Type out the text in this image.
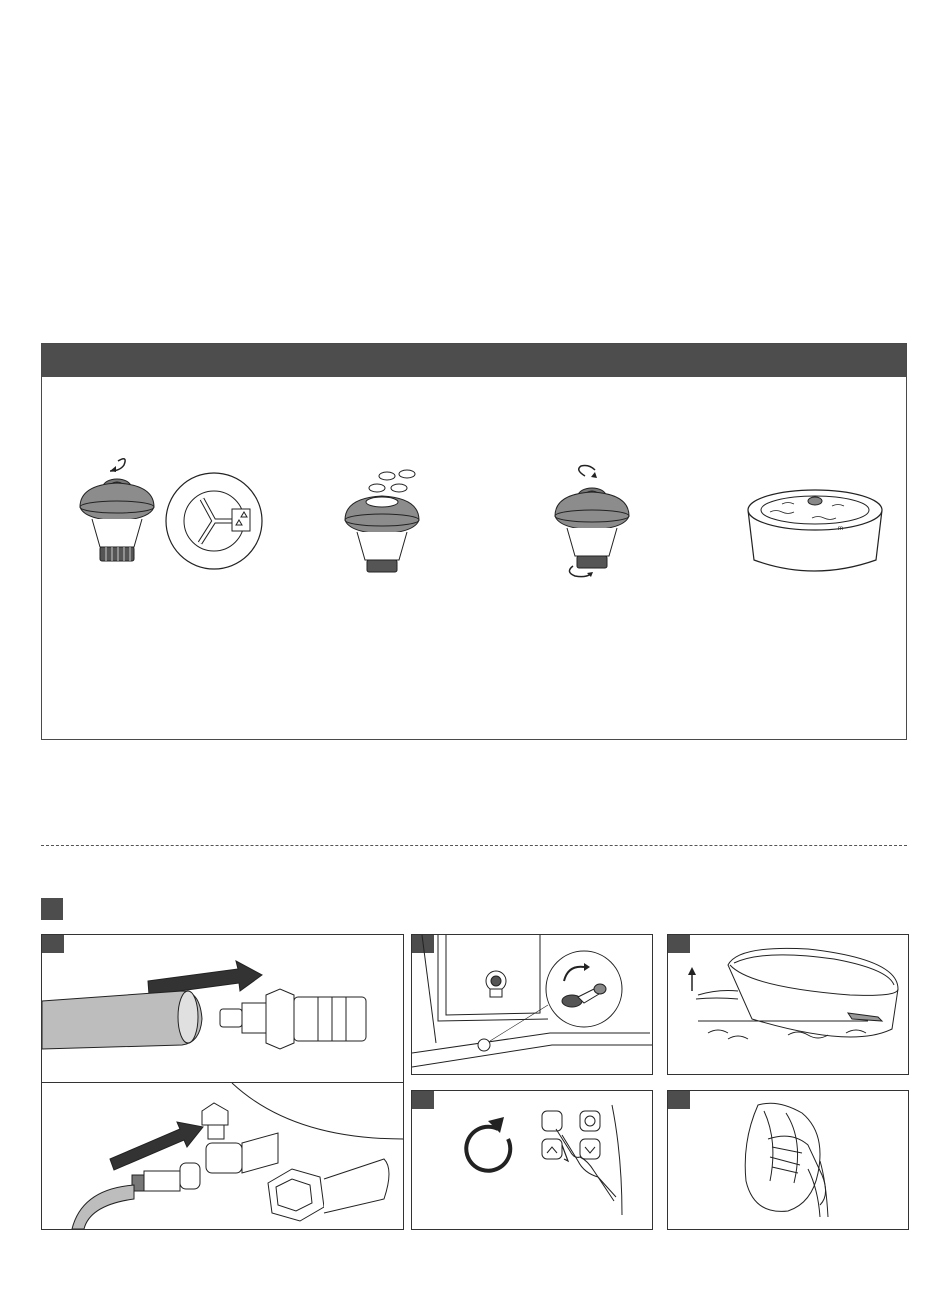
m
